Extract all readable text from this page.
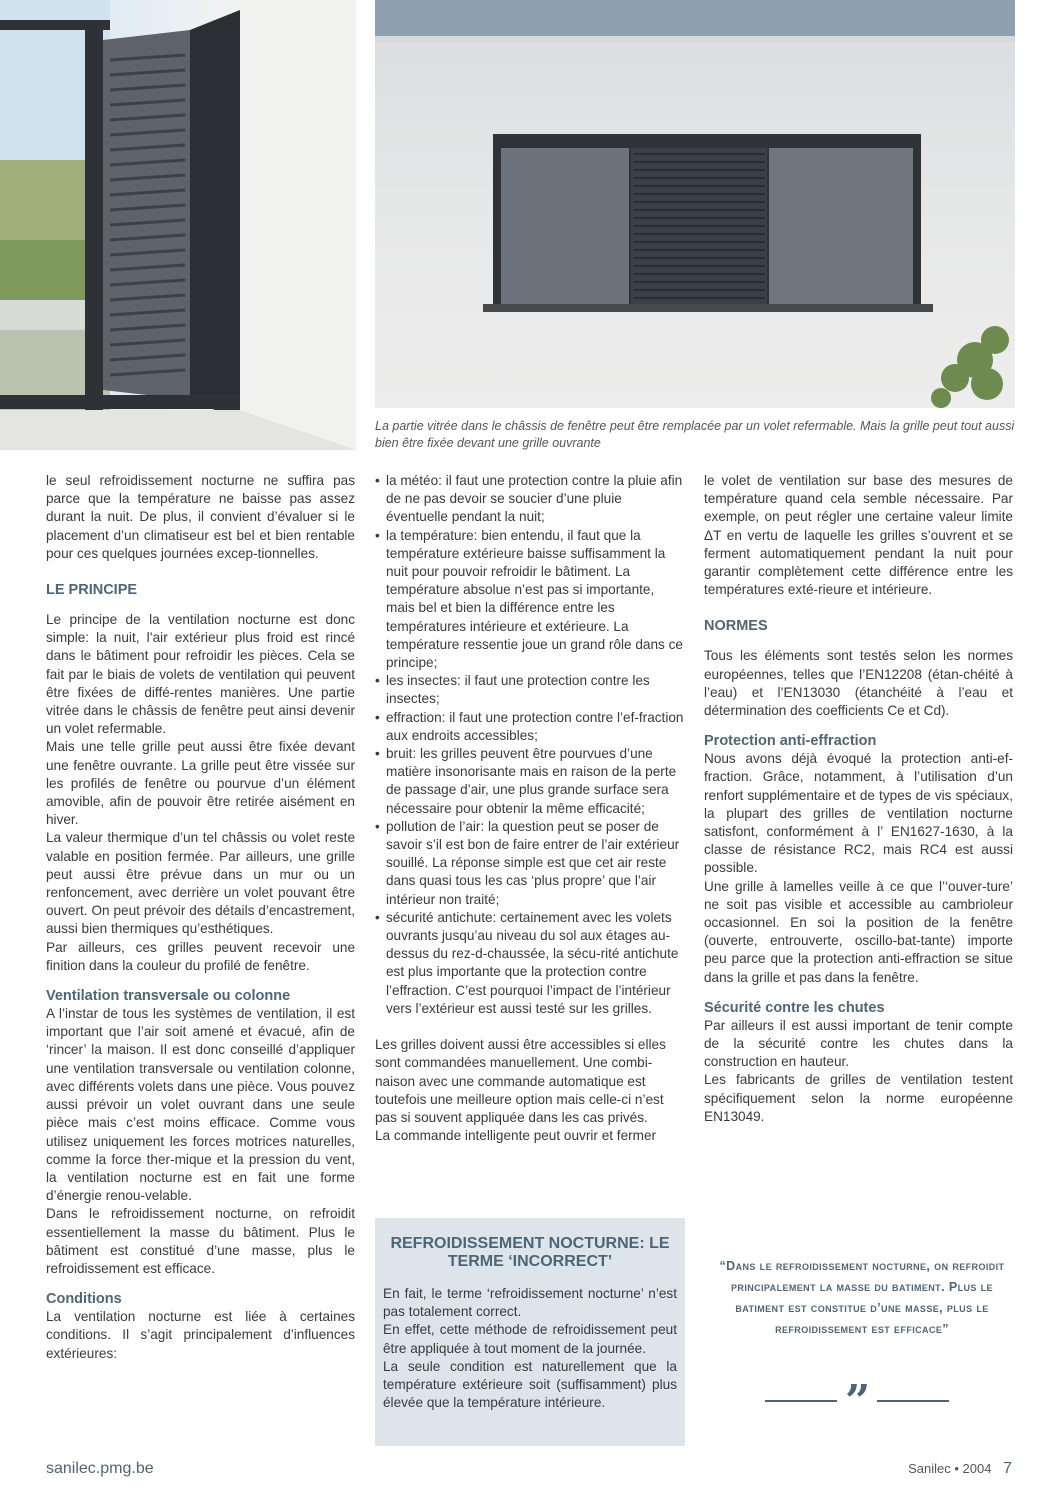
La partie vitrée dans le châssis de fenêtre peut être remplacée par un volet refermable. Mais la grille peut tout aussi bien être fixée devant une grille ouvrante

le seul refroidissement nocturne ne suffira pas parce que la température ne baisse pas assez durant la nuit. De plus, il convient d’évaluer si le placement d’un climatiseur est bel et bien rentable pour ces quelques journées excep-tionnelles.

LE PRINCIPE

Le principe de la ventilation nocturne est donc simple: la nuit, l’air extérieur plus froid est rincé dans le bâtiment pour refroidir les pièces. Cela se fait par le biais de volets de ventilation qui peuvent être fixées de diffé-rentes manières. Une partie vitrée dans le châssis de fenêtre peut ainsi devenir un volet refermable.

Mais une telle grille peut aussi être fixée devant une fenêtre ouvrante. La grille peut être vissée sur les profilés de fenêtre ou pourvue d’un élément amovible, afin de pouvoir être retirée aisément en hiver.

La valeur thermique d’un tel châssis ou volet reste valable en position fermée. Par ailleurs, une grille peut aussi être prévue dans un mur ou un renfoncement, avec derrière un volet pouvant être ouvert. On peut prévoir des détails d’encastrement, aussi bien thermiques qu’esthétiques.

Par ailleurs, ces grilles peuvent recevoir une finition dans la couleur du profilé de fenêtre.

Ventilation transversale ou colonne

A l’instar de tous les systèmes de ventilation, il est important que l’air soit amené et évacué, afin de ‘rincer’ la maison. Il est donc conseillé d’appliquer une ventilation transversale ou ventilation colonne, avec différents volets dans une pièce. Vous pouvez aussi prévoir un volet ouvrant dans une seule pièce mais c’est moins efficace. Comme vous utilisez uniquement les forces motrices naturelles, comme la force ther-mique et la pression du vent, la ventilation nocturne est en fait une forme d’énergie renou-velable.

Dans le refroidissement nocturne, on refroidit essentiellement la masse du bâtiment. Plus le bâtiment est constitué d’une masse, plus le refroidissement est efficace.

Conditions

La ventilation nocturne est liée à certaines conditions. Il s’agit principalement d’influences extérieures:

• la météo: il faut une protection contre la pluie afin de ne pas devoir se soucier d’une pluie éventuelle pendant la nuit;
• la température: bien entendu, il faut que la température extérieure baisse suffisamment la nuit pour pouvoir refroidir le bâtiment. La température absolue n’est pas si importante, mais bel et bien la différence entre les températures intérieure et extérieure. La température ressentie joue un grand rôle dans ce principe;
• les insectes: il faut une protection contre les insectes;
• effraction: il faut une protection contre l’ef-fraction aux endroits accessibles;
• bruit: les grilles peuvent être pourvues d’une matière insonorisante mais en raison de la perte de passage d’air, une plus grande surface sera nécessaire pour obtenir la même efficacité;
• pollution de l’air: la question peut se poser de savoir s’il est bon de faire entrer de l’air extérieur souillé. La réponse simple est que cet air reste dans quasi tous les cas ‘plus propre’ que l’air intérieur non traité;
• sécurité antichute: certainement avec les volets ouvrants jusqu’au niveau du sol aux étages au-dessus du rez-d-chaussée, la sécu-rité antichute est plus importante que la protection contre l’effraction. C’est pourquoi l’impact de l’intérieur vers l’extérieur est aussi testé sur les grilles.

Les grilles doivent aussi être accessibles si elles sont commandées manuellement. Une combi-naison avec une commande automatique est toutefois une meilleure option mais celle-ci n’est pas si souvent appliquée dans les cas privés.

La commande intelligente peut ouvrir et fermer

REFROIDISSEMENT NOCTURNE: LE TERME ‘INCORRECT’

En fait, le terme ‘refroidissement nocturne’ n’est pas totalement correct.

En effet, cette méthode de refroidissement peut être appliquée à tout moment de la journée.

La seule condition est naturellement que la température extérieure soit (suffisamment) plus élevée que la température intérieure.

le volet de ventilation sur base des mesures de température quand cela semble nécessaire. Par exemple, on peut régler une certaine valeur limite ΔT en vertu de laquelle les grilles s’ouvrent et se ferment automatiquement pendant la nuit pour garantir complètement cette différence entre les températures exté-rieure et intérieure.

NORMES

Tous les éléments sont testés selon les normes européennes, telles que l’EN12208 (étan-chéité à l’eau) et l’EN13030 (étanchéité à l’eau et détermination des coefficients Ce et Cd).

Protection anti-effraction

Nous avons déjà évoqué la protection anti-ef-fraction. Grâce, notamment, à l’utilisation d’un renfort supplémentaire et de types de vis spéciaux, la plupart des grilles de ventilation nocturne satisfont, conformément à l’ EN1627-1630, à la classe de résistance RC2, mais RC4 est aussi possible.

Une grille à lamelles veille à ce que l’‘ouver-ture’ ne soit pas visible et accessible au cambrioleur occasionnel. En soi la position de la fenêtre (ouverte, entrouverte, oscillo-bat-tante) importe peu parce que la protection anti-effraction se situe dans la grille et pas dans la fenêtre.

Sécurité contre les chutes

Par ailleurs il est aussi important de tenir compte de la sécurité contre les chutes dans la construction en hauteur.

Les fabricants de grilles de ventilation testent spécifiquement selon la norme européenne EN13049.

“Dans le refroidissement nocturne, on refroidit principalement la masse du batiment. Plus le batiment est constitue d’une masse, plus le refroidissement est efficace”
”
sanilec.pmg.be	Sanilec • 2004 7
